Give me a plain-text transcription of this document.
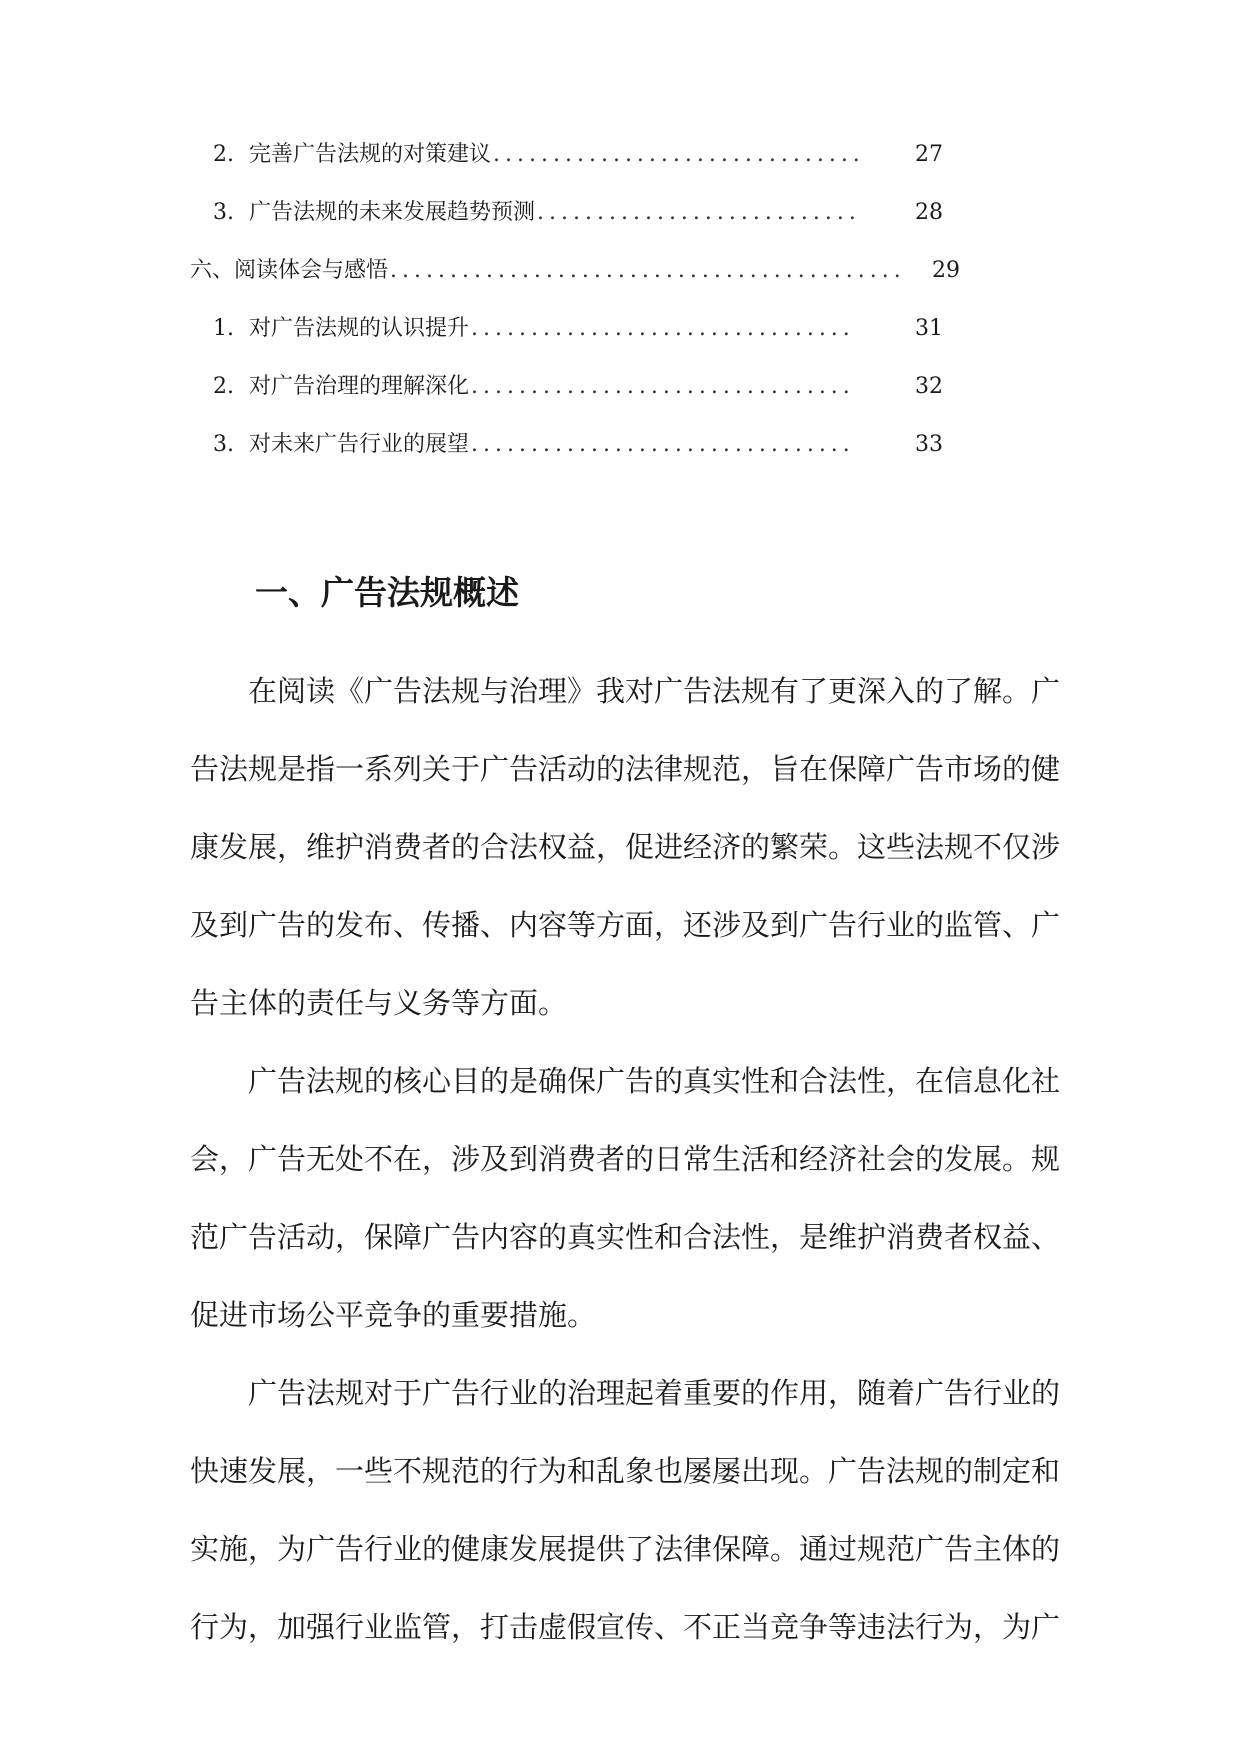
2. 完善广告法规的对策建议 ...............................	27
3. 广告法规的未来发展趋势预测 ...........................	28
六、阅读体会与感悟 ...........................................	29
1. 对广告法规的认识提升 ................................	31
2. 对广告治理的理解深化 ................................	32
3. 对未来广告行业的展望 ................................	33
一、广告法规概述

在阅读《广告法规与治理》我对广告法规有了更深入的了解。广告法规是指一系列关于广告活动的法律规范，旨在保障广告市场的健康发展，维护消费者的合法权益，促进经济的繁荣。这些法规不仅涉及到广告的发布、传播、内容等方面，还涉及到广告行业的监管、广告主体的责任与义务等方面。

广告法规的核心目的是确保广告的真实性和合法性，在信息化社会，广告无处不在，涉及到消费者的日常生活和经济社会的发展。规范广告活动，保障广告内容的真实性和合法性，是维护消费者权益、促进市场公平竞争的重要措施。

广告法规对于广告行业的治理起着重要的作用，随着广告行业的快速发展，一些不规范的行为和乱象也屡屡出现。广告法规的制定和实施，为广告行业的健康发展提供了法律保障。通过规范广告主体的行为，加强行业监管，打击虚假宣传、不正当竞争等违法行为，为广
